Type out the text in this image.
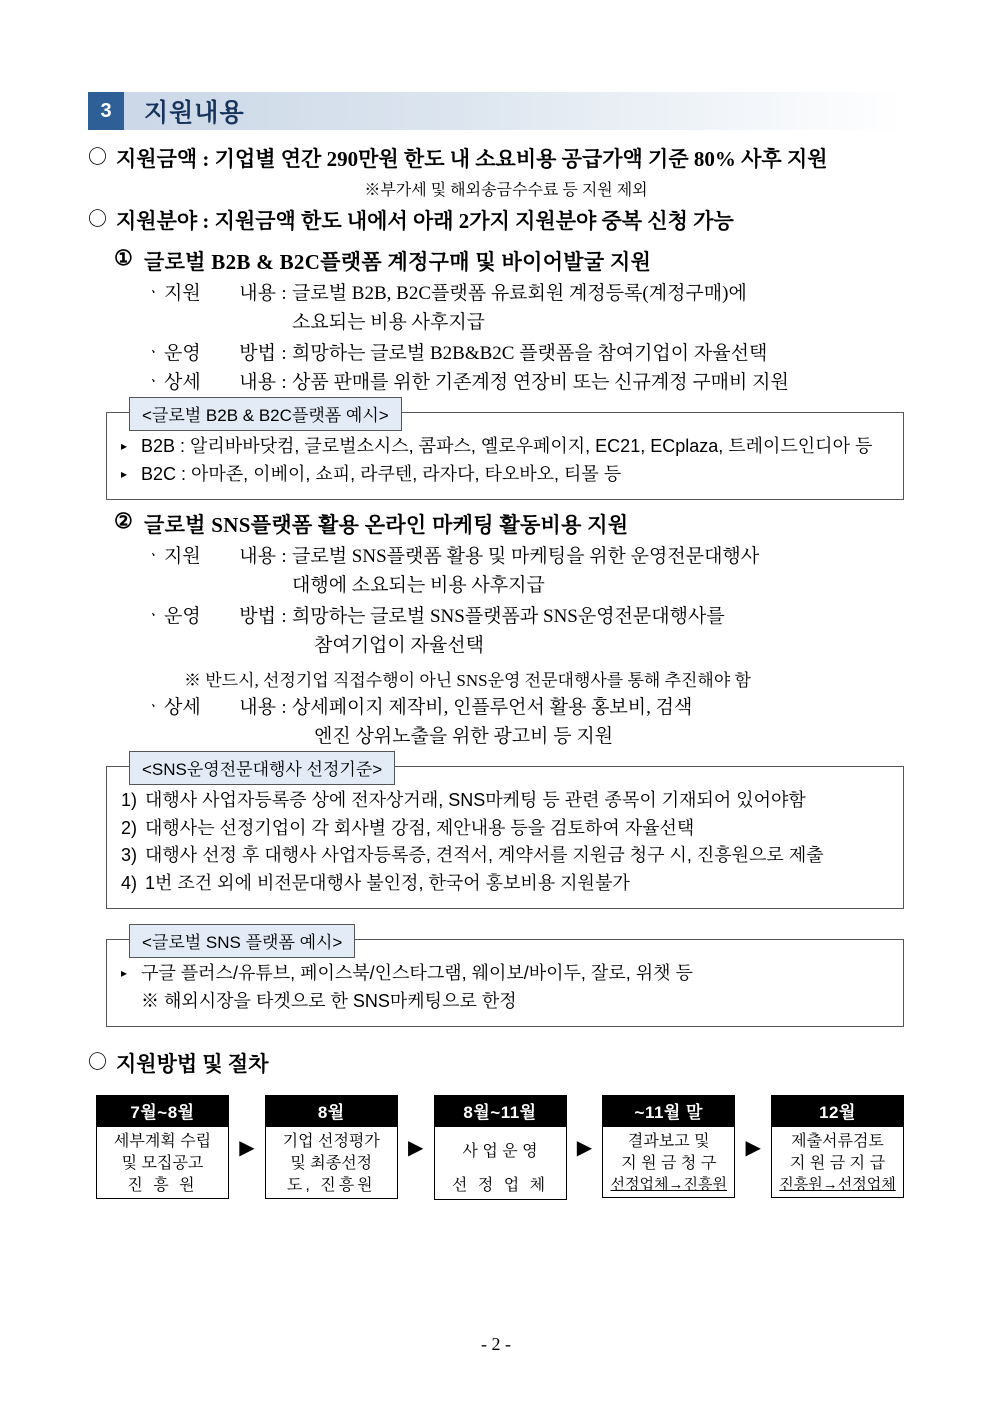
3	지원내용
〇 지원금액 : 기업별 연간 290만원 한도 내 소요비용 공급가액 기준 80% 사후 지원
※부가세 및 해외송금수수료 등 지원 제외
〇 지원분야 : 지원금액 한도 내에서 아래 2가지 지원분야 중복 신청 가능
① 글로벌 B2B & B2C플랫폼 계정구매 및 바이어발굴 지원
ㆍ 지원 내용 : 글로벌 B2B, B2C플랫폼 유료회원 계정등록(계정구매)에
소요되는 비용 사후지급
ㆍ 운영 방법 : 희망하는 글로벌 B2B&B2C 플랫폼을 참여기업이 자율선택
ㆍ 상세 내용 : 상품 판매를 위한 기존계정 연장비 또는 신규계정 구매비 지원
<글로벌 B2B & B2C플랫폼 예시>
▸ B2B : 알리바바닷컴, 글로벌소시스, 콤파스, 옐로우페이지, EC21, ECplaza, 트레이드인디아 등
▸ B2C : 아마존, 이베이, 쇼피, 라쿠텐, 라자다, 타오바오, 티몰 등
② 글로벌 SNS플랫폼 활용 온라인 마케팅 활동비용 지원
ㆍ 지원 내용 : 글로벌 SNS플랫폼 활용 및 마케팅을 위한 운영전문대행사
대행에 소요되는 비용 사후지급
ㆍ 운영 방법 : 희망하는 글로벌 SNS플랫폼과 SNS운영전문대행사를
참여기업이 자율선택
※ 반드시, 선정기업 직접수행이 아닌 SNS운영 전문대행사를 통해 추진해야 함
ㆍ 상세 내용 : 상세페이지 제작비, 인플루언서 활용 홍보비, 검색
엔진 상위노출을 위한 광고비 등 지원
<SNS운영전문대행사 선정기준>
1) 대행사 사업자등록증 상에 전자상거래, SNS마케팅 등 관련 종목이 기재되어 있어야함
2) 대행사는 선정기업이 각 회사별 강점, 제안내용 등을 검토하여 자율선택
3) 대행사 선정 후 대행사 사업자등록증, 견적서, 계약서를 지원금 청구 시, 진흥원으로 제출
4) 1번 조건 외에 비전문대행사 불인정, 한국어 홍보비용 지원불가
<글로벌 SNS 플랫폼 예시>
▸ 구글 플러스/유튜브, 페이스북/인스타그램, 웨이보/바이두, 잘로, 위챗 등
※ 해외시장을 타겟으로 한 SNS마케팅으로 한정
〇 지원방법 및 절차
7월~8월
세부계획 수립
및 모집공고
진 흥 원
▶
8월
기업 선정평가
및 최종선정
도, 진흥원
▶
8월~11월
사 업 운 영
선 정 업 체
▶
~11월 말
결과보고 및
지 원 금 청 구
선정업체→진흥원
▶
12월
제출서류검토
지 원 금 지 급
진흥원→선정업체
- 2 -
